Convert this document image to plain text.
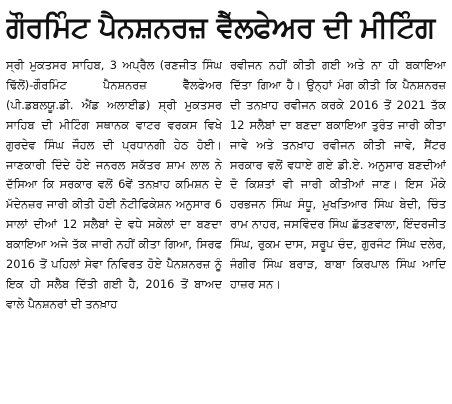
ਗੌਰਮਿੰਟ ਪੈਨਸ਼ਨਰਜ਼ ਵੈੱਲਫੇਅਰ ਦੀ ਮੀਟਿੰਗ

ਸ੍ਰੀ ਮੁਕਤਸਰ ਸਾਹਿਬ, 3 ਅਪ੍ਰੈਲ (ਰਣਜੀਤ ਸਿੰਘ ਢਿੱਲੋਂ)-ਗੌਰਮਿੰਟ ਪੈਨਸ਼ਨਰਜ਼ ਵੈੱਲਫੇਅਰ (ਪੀ.ਡਬਲਯੂ.ਡੀ. ਐਂਡ ਅਲਾਈਡ) ਸ੍ਰੀ ਮੁਕਤਸਰ ਸਾਹਿਬ ਦੀ ਮੀਟਿੰਗ ਸਥਾਨਕ ਵਾਟਰ ਵਰਕਸ ਵਿਖੇ ਗੁਰਦੇਵ ਸਿੰਘ ਜੌਹਲ ਦੀ ਪ੍ਰਧਾਨਗੀ ਹੇਠ ਹੋਈ। ਜਾਣਕਾਰੀ ਦਿੰਦੇ ਹੋਏ ਜਨਰਲ ਸਕੱਤਰ ਸ਼ਾਮ ਲਾਲ ਨੇ ਦੱਸਿਆ ਕਿ ਸਰਕਾਰ ਵਲੋਂ 6ਵੇਂ ਤਨਖ਼ਾਹ ਕਮਿਸ਼ਨ ਦੇ ਮੱਦੇਨਜ਼ਰ ਜਾਰੀ ਕੀਤੀ ਹੋਈ ਨੋਟੀਫਿਕੇਸ਼ਨ ਅਨੁਸਾਰ 6 ਸਾਲਾਂ ਦੀਆਂ 12 ਸਲੈਬਾਂ ਦੇ ਵਧੇ ਸਕੇਲਾਂ ਦਾ ਬਣਦਾ ਬਕਾਇਆ ਅਜੇ ਤੱਕ ਜਾਰੀ ਨਹੀਂ ਕੀਤਾ ਗਿਆ, ਸਿਰਫ 2016 ਤੋਂ ਪਹਿਲਾਂ ਸੇਵਾ ਨਿਵਿਰਤ ਹੋਏ ਪੈਨਸ਼ਨਰਜ਼ ਨੂੰ ਇਕ ਹੀ ਸਲੈਬ ਦਿੱਤੀ ਗਈ ਹੈ, 2016 ਤੋਂ ਬਾਅਦ ਵਾਲੇ ਪੈਨਸ਼ਨਰਾਂ ਦੀ ਤਨਖ਼ਾਹ

ਰਵੀਜਨ ਨਹੀਂ ਕੀਤੀ ਗਈ ਅਤੇ ਨਾ ਹੀ ਬਕਾਇਆ ਦਿੱਤਾ ਗਿਆ ਹੈ। ਉਨ੍ਹਾਂ ਮੰਗ ਕੀਤੀ ਕਿ ਪੈਨਸ਼ਨਰਜ਼ ਦੀ ਤਨਖ਼ਾਹ ਰਵੀਜਨ ਕਰਕੇ 2016 ਤੋਂ 2021 ਤੱਕ 12 ਸਲੈਬਾਂ ਦਾ ਬਣਦਾ ਬਕਾਇਆ ਤੁਰੰਤ ਜਾਰੀ ਕੀਤਾ ਜਾਵੇ ਅਤੇ ਤਨਖ਼ਾਹ ਰਵੀਜਨ ਕੀਤੀ ਜਾਵੇ, ਸੈਂਟਰ ਸਰਕਾਰ ਵਲੋਂ ਵਧਾਏ ਗਏ ਡੀ.ਏ. ਅਨੁਸਾਰ ਬਣਦੀਆਂ ਦੋ ਕਿਸ਼ਤਾਂ ਵੀ ਜਾਰੀ ਕੀਤੀਆਂ ਜਾਣ। ਇਸ ਮੌਕੇ ਹਰਭਜਨ ਸਿੰਘ ਸੰਧੂ, ਮੁਖਤਿਆਰ ਸਿੰਘ ਬੇਦੀ, ਚਿੰਤ ਰਾਮ ਨਾਹਰ, ਜਸਵਿੰਦਰ ਸਿੰਘ ਛੱਤਣਵਾਲਾ, ਇੰਦਰਜੀਤ ਸਿੰਘ, ਰੁਕਮ ਦਾਸ, ਸਰੂਪ ਚੰਦ, ਗੁਰਜੰਟ ਸਿੰਘ ਦਲੇਰ, ਜੰਗੀਰ ਸਿੰਘ ਬਰਾੜ, ਬਾਬਾ ਕਿਰਪਾਲ ਸਿੰਘ ਆਦਿ ਹਾਜ਼ਰ ਸਨ।
